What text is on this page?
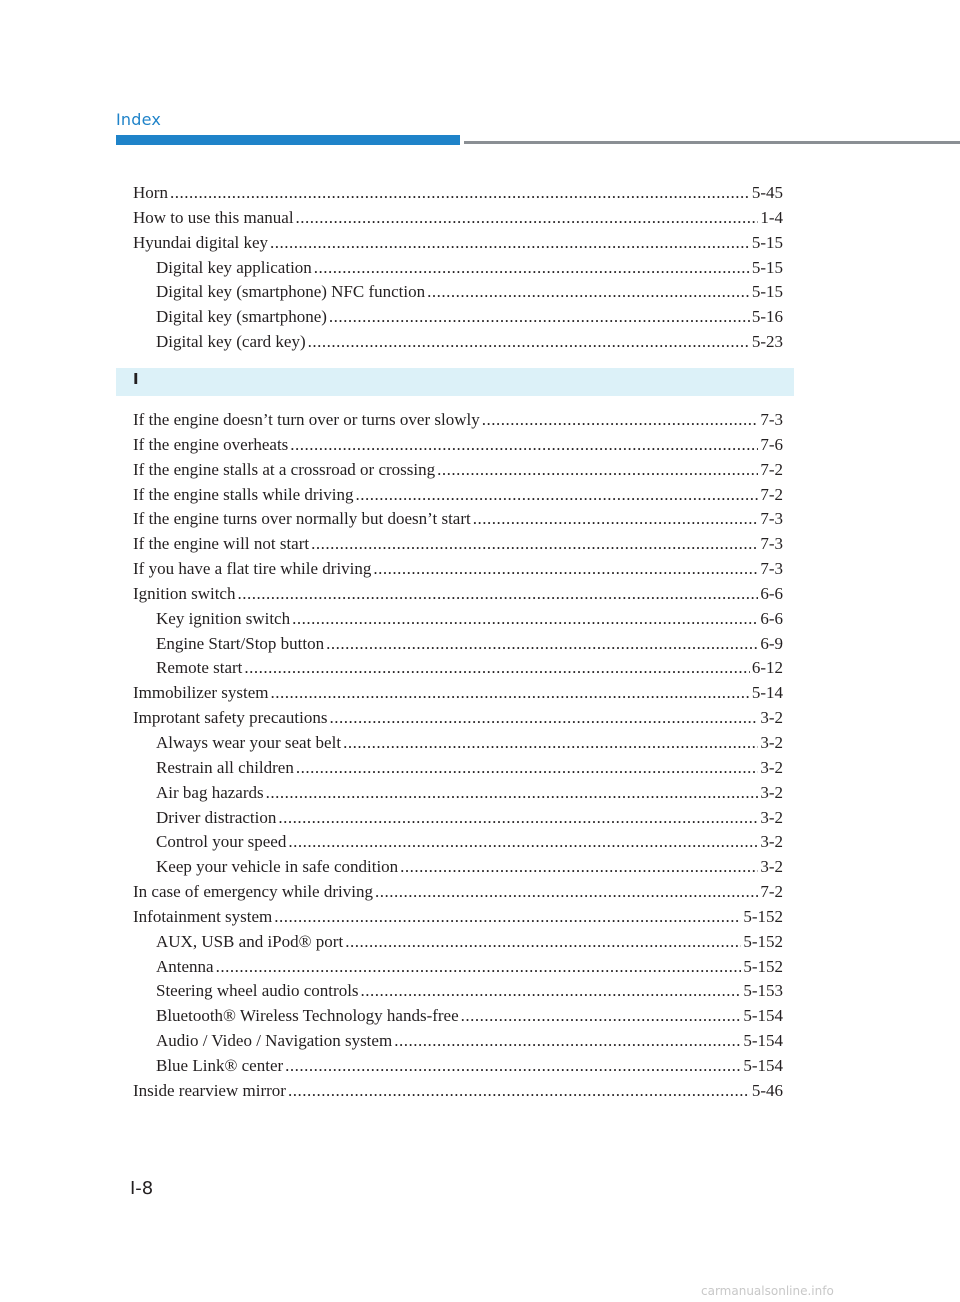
Index
I
Horn .....	5-45
How to use this manual .....	1-4
Hyundai digital key .....	5-15
Digital key application .....	5-15
Digital key (smartphone) NFC function .....	5-15
Digital key (smartphone) .....	5-16
Digital key (card key) .....	5-23
If the engine doesn’t turn over or turns over slowly .....	7-3
If the engine overheats .....	7-6
If the engine stalls at a crossroad or crossing .....	7-2
If the engine stalls while driving .....	7-2
If the engine turns over normally but doesn’t start .....	7-3
If the engine will not start .....	7-3
If you have a flat tire while driving .....	7-3
Ignition switch .....	6-6
Key ignition switch .....	6-6
Engine Start/Stop button .....	6-9
Remote start .....	6-12
Immobilizer system .....	5-14
Improtant safety precautions .....	3-2
Always wear your seat belt .....	3-2
Restrain all children .....	3-2
Air bag hazards .....	3-2
Driver distraction .....	3-2
Control your speed .....	3-2
Keep your vehicle in safe condition .....	3-2
In case of emergency while driving .....	7-2
Infotainment system .....	5-152
AUX, USB and iPod® port .....	5-152
Antenna .....	5-152
Steering wheel audio controls .....	5-153
Bluetooth® Wireless Technology hands-free .....	5-154
Audio / Video / Navigation system .....	5-154
Blue Link® center .....	5-154
Inside rearview mirror .....	5-46
I-8
carmanualsonline.info
